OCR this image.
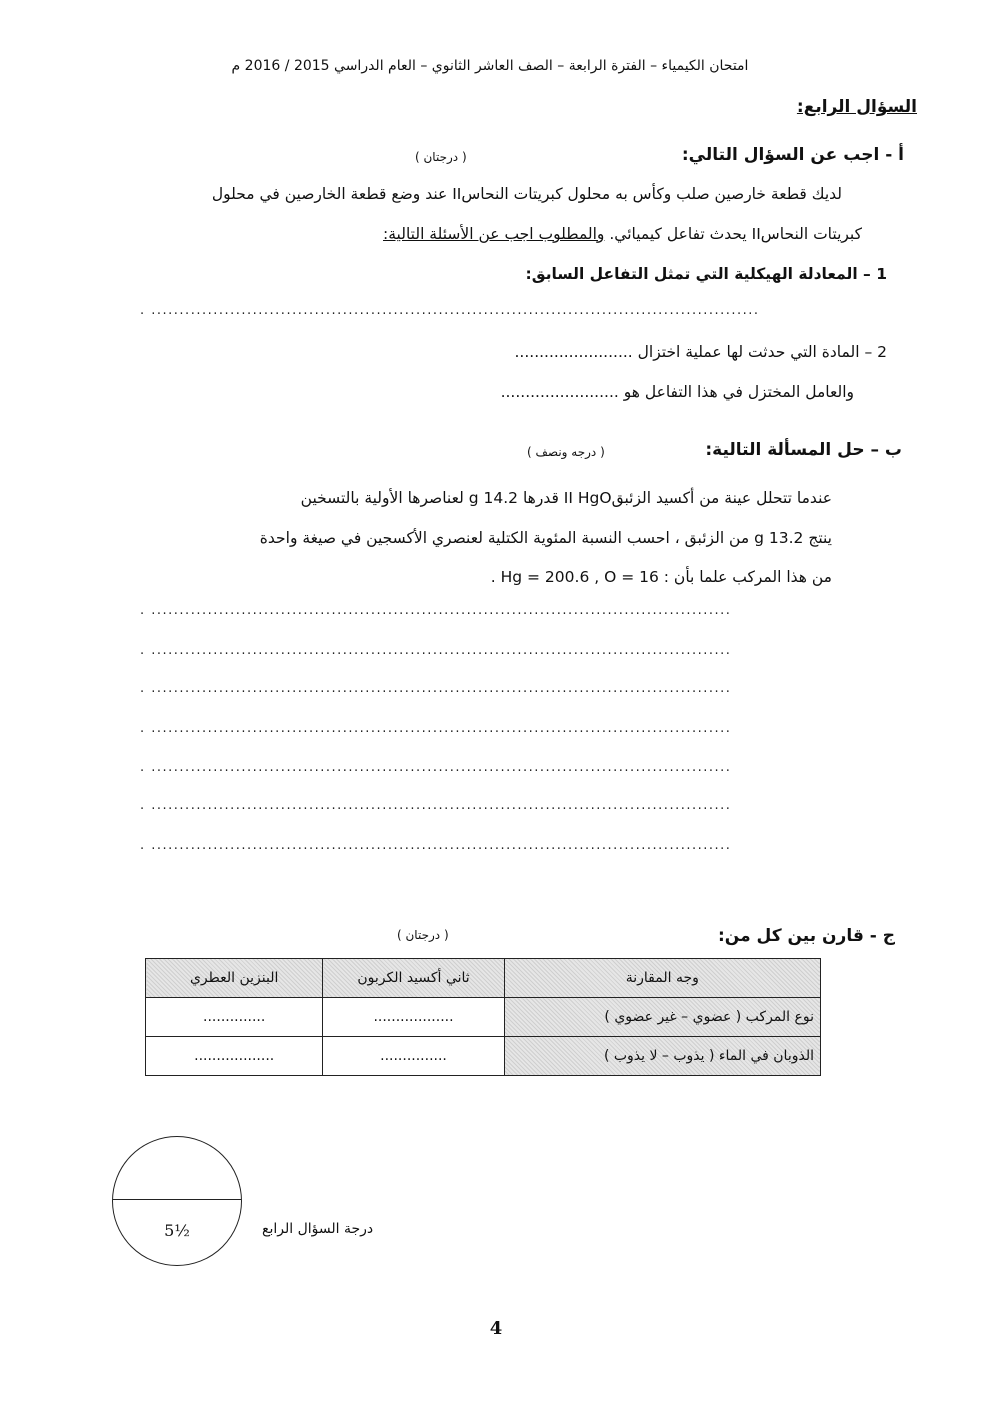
امتحان الكيمياء – الفترة الرابعة – الصف العاشر الثانوي – العام الدراسي 2015 / 2016 م
السؤال الرابع:
أ - اجب عن السؤال التالي:
( درجتان )
لديك قطعة خارصين صلب وكأس به محلول كبريتات النحاسII عند وضع قطعة الخارصين في محلول
كبريتات النحاسII يحدث تفاعل كيميائي. والمطلوب اجب عن الأسئلة التالية:
1 – المعادلة الهيكلية التي تمثل التفاعل السابق:
. ............................................................................................................
2 – المادة التي حدثت لها عملية اختزال ........................
والعامل المختزل في هذا التفاعل هو ........................
ب – حل المسألة التالية:
( درجه ونصف )
عندما تتحلل عينة من أكسيد الزئبقII HgO قدرها 14.2 g لعناصرها الأولية بالتسخين
ينتج 13.2 g من الزئبق ، احسب النسبة المئوية الكتلية لعنصري الأكسجين في صيغة واحدة
من هذا المركب علما بأن : Hg = 200.6 , O = 16 .
. .......................................................................................................
. .......................................................................................................
. .......................................................................................................
. .......................................................................................................
. .......................................................................................................
. .......................................................................................................
. .......................................................................................................
ج - قارن بين كل من:
( درجتان )
وجه المقارنة	ثاني أكسيد الكربون	البنزين العطري
نوع المركب ( عضوي – غير عضوي )	..................	..............
الذوبان في الماء ( يذوب – لا يذوب )	...............	..................
5½	درجة السؤال الرابع
4
